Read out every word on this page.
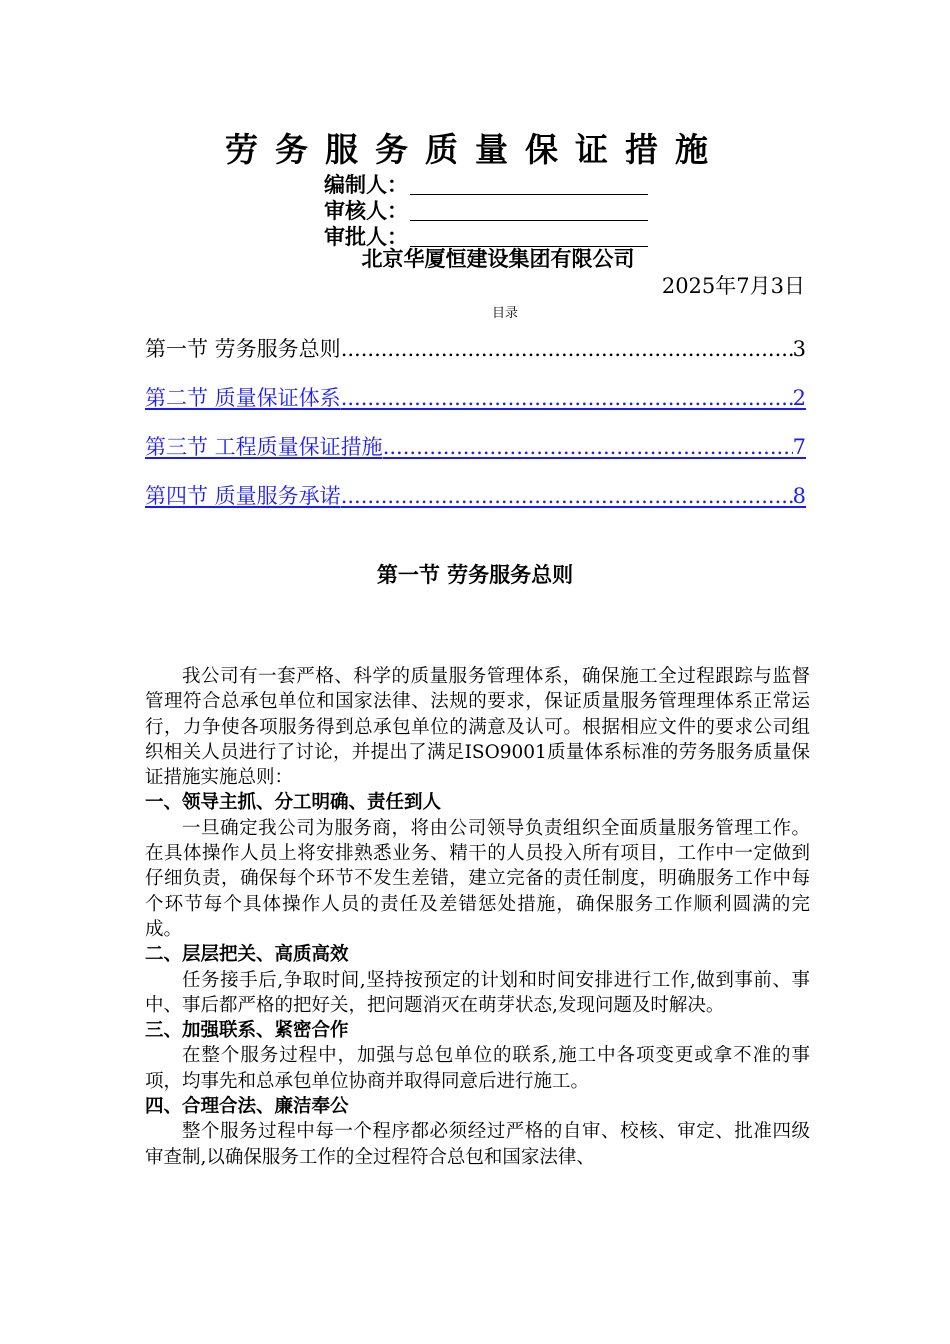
劳务服务质量保证措施
编制人：
审核人：
审批人：
北京华厦恒建设集团有限公司
2025年7月3日
目录
第一节 劳务服务总则 .....	3
第二节 质量保证体系 .....	2
第三节 工程质量保证措施 .....	7
第四节 质量服务承诺 .....	8
第一节 劳务服务总则

我公司有一套严格、科学的质量服务管理体系，确保施工全过程跟踪与监督管理符合总承包单位和国家法律、法规的要求，保证质量服务管理理体系正常运行，力争使各项服务得到总承包单位的满意及认可。根据相应文件的要求公司组织相关人员进行了讨论，并提出了满足ISO9001质量体系标准的劳务服务质量保证措施实施总则：

一、领导主抓、分工明确、责任到人

一旦确定我公司为服务商，将由公司领导负责组织全面质量服务管理工作。在具体操作人员上将安排熟悉业务、精干的人员投入所有项目，工作中一定做到仔细负责，确保每个环节不发生差错，建立完备的责任制度，明确服务工作中每个环节每个具体操作人员的责任及差错惩处措施，确保服务工作顺利圆满的完成。

二、层层把关、高质高效

任务接手后,争取时间,坚持按预定的计划和时间安排进行工作,做到事前、事中、事后都严格的把好关，把问题消灭在萌芽状态,发现问题及时解决。

三、加强联系、紧密合作

在整个服务过程中，加强与总包单位的联系,施工中各项变更或拿不准的事项，均事先和总承包单位协商并取得同意后进行施工。

四、合理合法、廉洁奉公

整个服务过程中每一个程序都必须经过严格的自审、校核、审定、批准四级审查制,以确保服务工作的全过程符合总包和国家法律、
